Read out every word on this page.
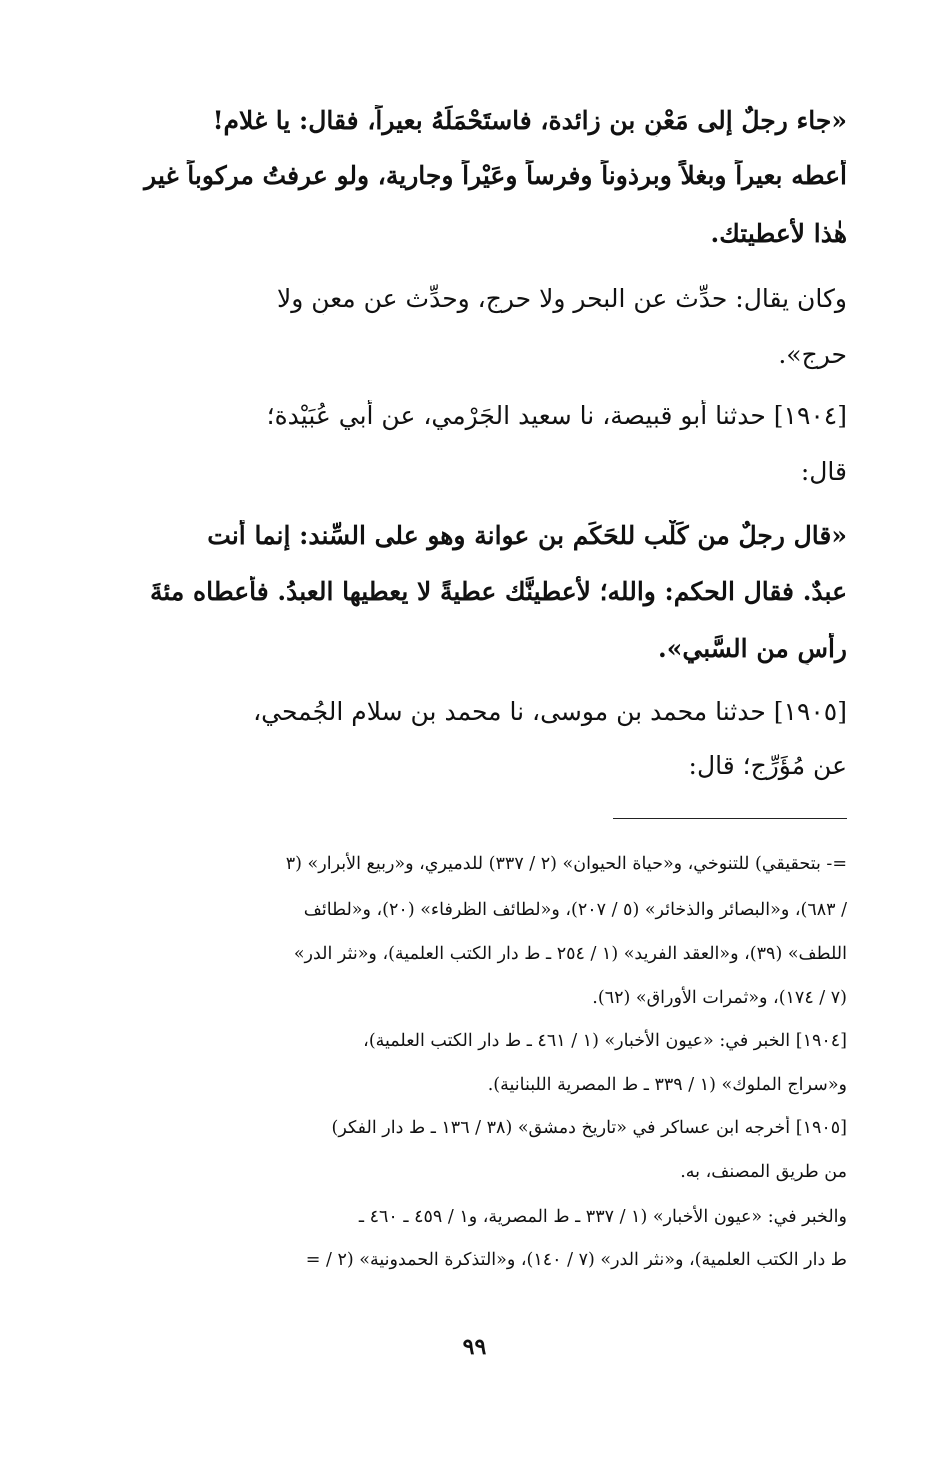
«جاء رجلٌ إلى مَعْنِ بن زائدة، فاستَحْمَلَهُ بعيراً، فقال: يا غلام!
أعطه بعيراً وبغلاً وبرذوناً وفرساً وعَيْراً وجارية، ولو عرفتُ مركوباً غير
هٰذا لأعطيتك.
وكان يقال: حدِّث عن البحر ولا حرج، وحدِّث عن معنٍ ولا
حرج».
[١٩٠٤] حدثنا أبو قبيصة، نا سعيد الجَرْمي، عن أبي عُبَيْدة؛
قال:
«قال رجلٌ من كَلْب للحَكَم بن عوانة وهو على السِّند: إنما أنت
عبدٌ. فقال الحكم: والله؛ لأعطينَّك عطيةً لا يعطيها العبدُ. فأعطاه مئةَ
رأسٍ من السَّبي».
[١٩٠٥] حدثنا محمد بن موسى، نا محمد بن سلام الجُمحي،
عن مُؤَرِّج؛ قال:
=- بتحقيقي) للتنوخي، و«حياة الحيوان» (٢ / ٣٣٧) للدميري، و«ربيع الأبرار» (٣
/ ٦٨٣)، و«البصائر والذخائر» (٥ / ٢٠٧)، و«لطائف الظرفاء» (٢٠)، و«لطائف
اللطف» (٣٩)، و«العقد الفريد» (١ / ٢٥٤ ـ ط دار الكتب العلمية)، و«نثر الدر»
(٧ / ١٧٤)، و«ثمرات الأوراق» (٦٢).
[١٩٠٤] الخبر في: «عيون الأخبار» (١ / ٤٦١ ـ ط دار الكتب العلمية)،
و«سراج الملوك» (١ / ٣٣٩ ـ ط المصرية اللبنانية).
[١٩٠٥] أخرجه ابن عساكر في «تاريخ دمشق» (٣٨ / ١٣٦ ـ ط دار الفكر)
من طريق المصنف، به.
والخبر في: «عيون الأخبار» (١ / ٣٣٧ ـ ط المصرية، و١ / ٤٥٩ ـ ٤٦٠ ـ
ط دار الكتب العلمية)، و«نثر الدر» (٧ / ١٤٠)، و«التذكرة الحمدونية» (٢ / =
٩٩
